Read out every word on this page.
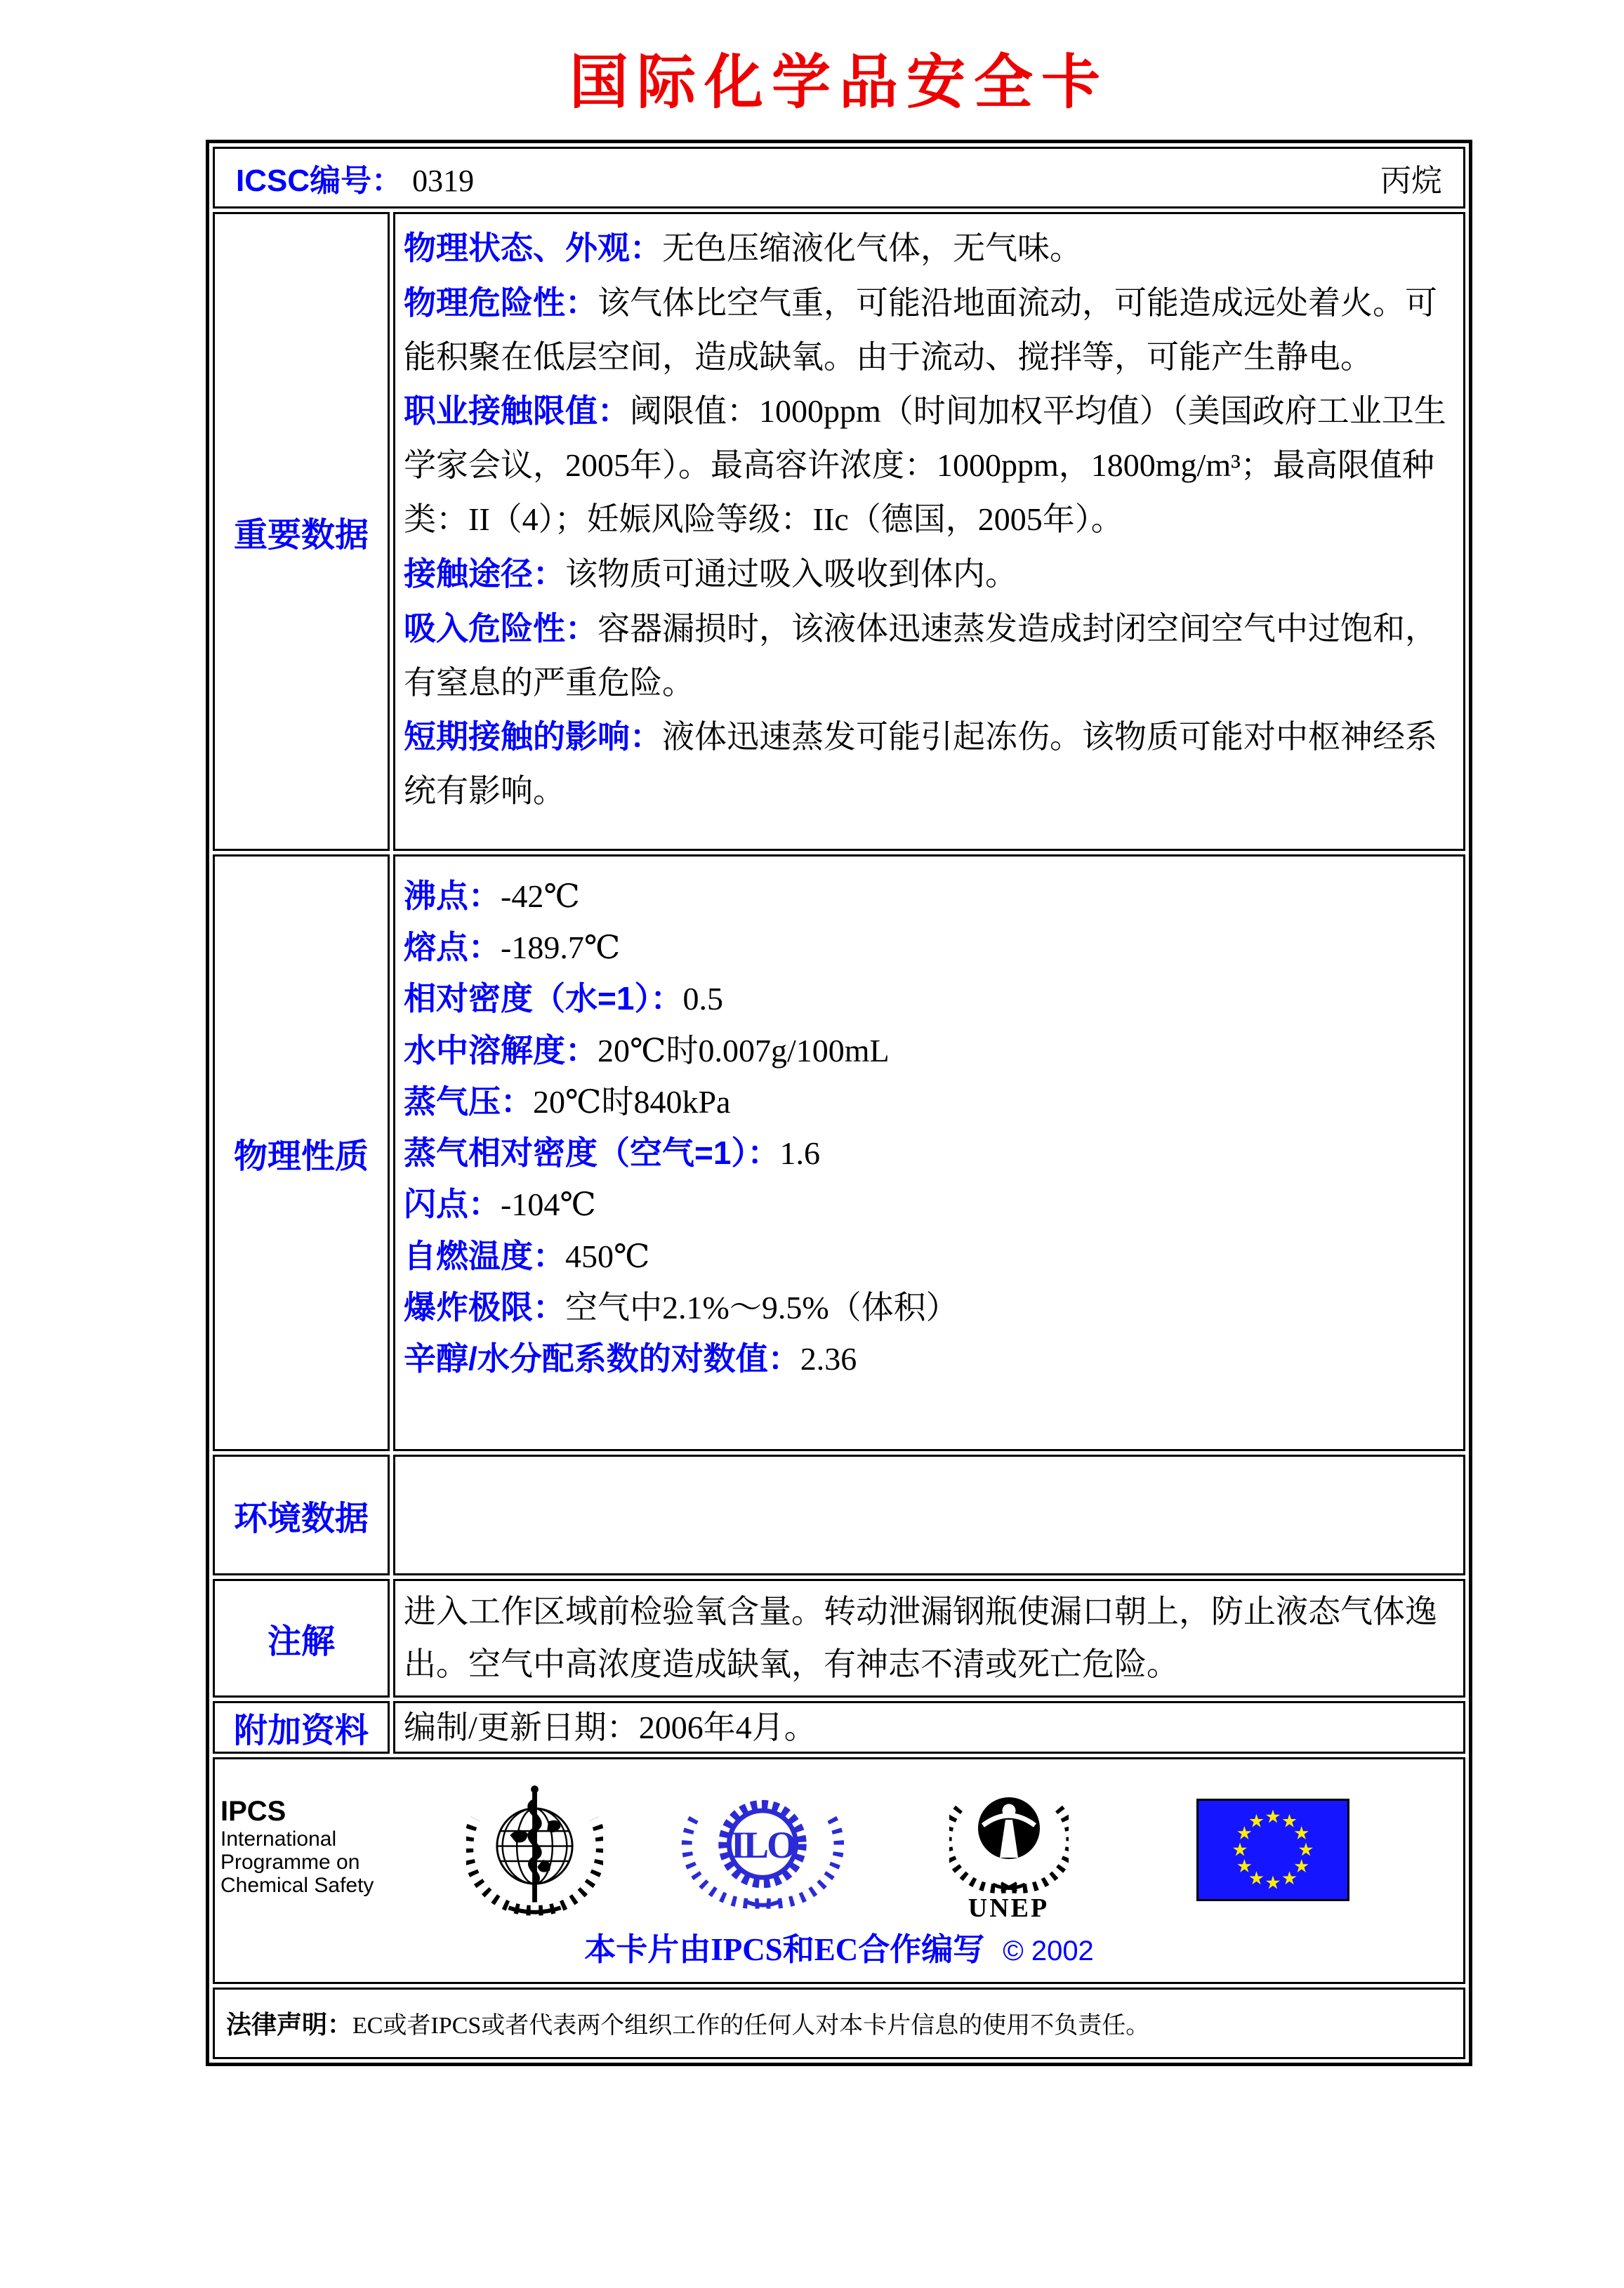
国际化学品安全卡
ICSC编号： 0319	丙烷
重要数据

物理状态、外观：无色压缩液化气体，无气味。

物理危险性：该气体比空气重，可能沿地面流动，可能造成远处着火。可能积聚在低层空间，造成缺氧。由于流动、搅拌等，可能产生静电。

职业接触限值：阈限值：1000ppm（时间加权平均值）（美国政府工业卫生学家会议，2005年）。最高容许浓度：1000ppm，1800mg/m³；最高限值种类：II（4）；妊娠风险等级：IIc（德国，2005年）。

接触途径：该物质可通过吸入吸收到体内。

吸入危险性：容器漏损时，该液体迅速蒸发造成封闭空间空气中过饱和，有窒息的严重危险。

短期接触的影响：液体迅速蒸发可能引起冻伤。该物质可能对中枢神经系统有影响。

物理性质

沸点：-42℃

熔点：-189.7℃

相对密度（水=1）：0.5

水中溶解度：20℃时0.007g/100mL

蒸气压：20℃时840kPa

蒸气相对密度（空气=1）：1.6

闪点：-104℃

自燃温度：450℃

爆炸极限：空气中2.1%～9.5%（体积）

辛醇/水分配系数的对数值：2.36

环境数据
注解
进入工作区域前检验氧含量。转动泄漏钢瓶使漏口朝上，防止液态气体逸出。空气中高浓度造成缺氧，有神志不清或死亡危险。
附加资料 编制/更新日期：2006年4月。
IPCS
International
Programme on
Chemical Safety
ILO
UNEP
本卡片由IPCS和EC合作编写 © 2002
法律声明： EC或者IPCS或者代表两个组织工作的任何人对本卡片信息的使用不负责任。
